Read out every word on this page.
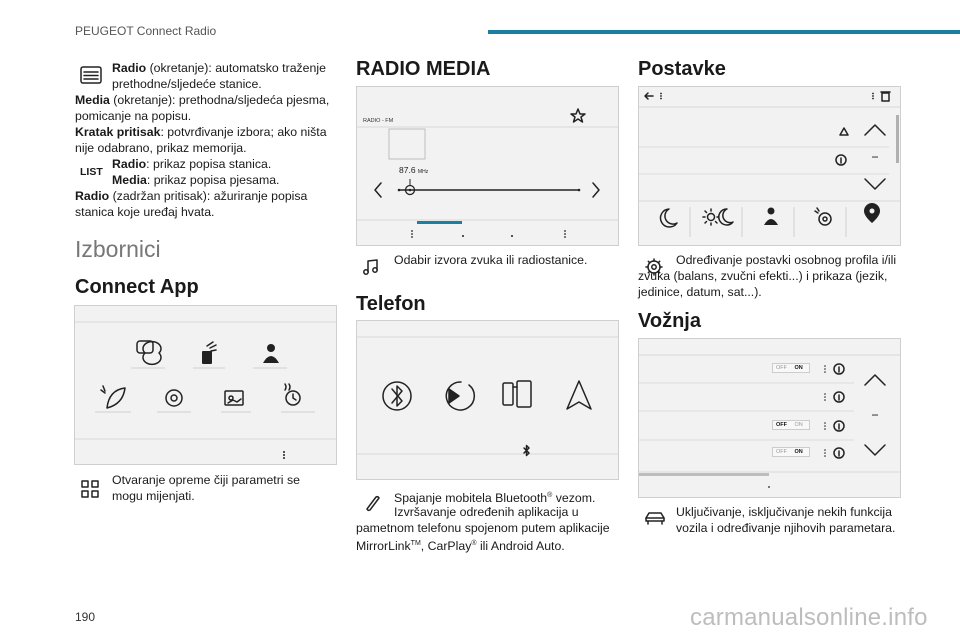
PEUGEOT Connect Radio
Radio (okretanje): automatsko traženje prethodne/sljedeće stanice.
Media (okretanje): prethodna/sljedeća pjesma, pomicanje na popisu.
Kratak pritisak: potvrđivanje izbora; ako ništa nije odabrano, prikaz memorija.
LIST
Radio: prikaz popisa stanica.
Media: prikaz popisa pjesama.
Radio (zadržan pritisak): ažuriranje popisa stanica koje uređaj hvata.
Izbornici
Connect App
Otvaranje opreme čiji parametri se mogu mijenjati.
RADIO MEDIA
RADIO - FM
87.6 MHz
Odabir izvora zvuka ili radiostanice.
Telefon
Spajanje mobitela Bluetooth® vezom.
Izvršavanje određenih aplikacija u pametnom telefonu spojenom putem aplikacije MirrorLink™, CarPlay® ili Android Auto.
Postavke
Određivanje postavki osobnog profila i/ili zvuka (balans, zvučni efekti...) i prikaza (jezik, jedinice, datum, sat...).
Vožnja
OFF ON
OFF ON
OFF ON
Uključivanje, isključivanje nekih funkcija vozila i određivanje njihovih parametara.
190	carmanualsonline.info
